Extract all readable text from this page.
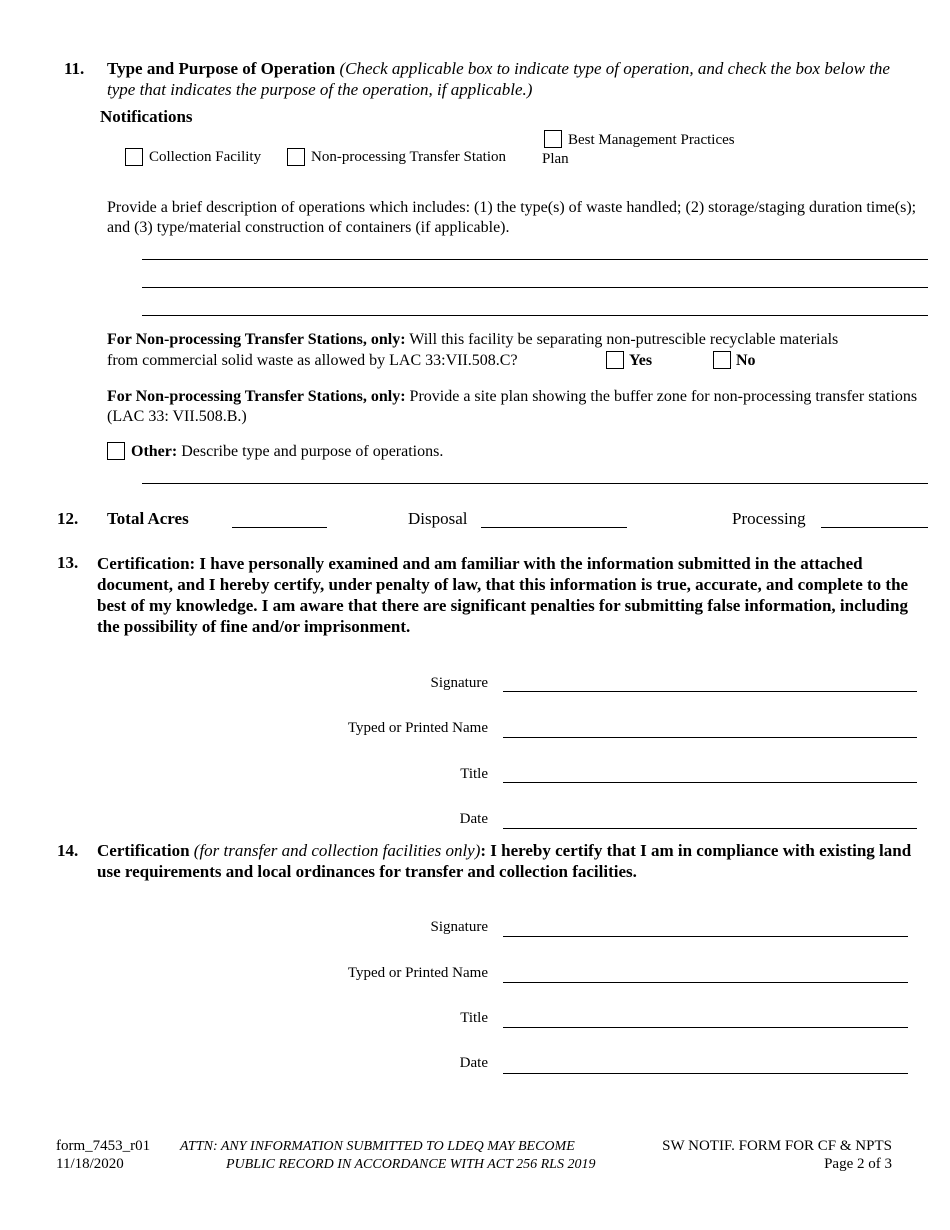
11. Type and Purpose of Operation (Check applicable box to indicate type of operation, and check the box below the type that indicates the purpose of the operation, if applicable.)
Notifications
Collection Facility	Non-processing Transfer Station
Best Management Practices
Plan
Provide a brief description of operations which includes: (1) the type(s) of waste handled; (2) storage/staging duration time(s); and (3) type/material construction of containers (if applicable).
For Non-processing Transfer Stations, only: Will this facility be separating non-putrescible recyclable materials
from commercial solid waste as allowed by LAC 33:VII.508.C?	Yes	No
For Non-processing Transfer Stations, only: Provide a site plan showing the buffer zone for non-processing transfer stations (LAC 33: VII.508.B.)
Other: Describe type and purpose of operations.
12. Total Acres	Disposal	Processing
13. Certification: I have personally examined and am familiar with the information submitted in the attached document, and I hereby certify, under penalty of law, that this information is true, accurate, and complete to the best of my knowledge. I am aware that there are significant penalties for submitting false information, including the possibility of fine and/or imprisonment.
Signature
Typed or Printed Name
Title
Date
14. Certification (for transfer and collection facilities only): I hereby certify that I am in compliance with existing land use requirements and local ordinances for transfer and collection facilities.
Signature
Typed or Printed Name
Title
Date
form_7453_r01
11/18/2020
ATTN: ANY INFORMATION SUBMITTED TO LDEQ MAY BECOME
PUBLIC RECORD IN ACCORDANCE WITH ACT 256 RLS 2019
SW NOTIF. FORM FOR CF & NPTS
Page 2 of 3
